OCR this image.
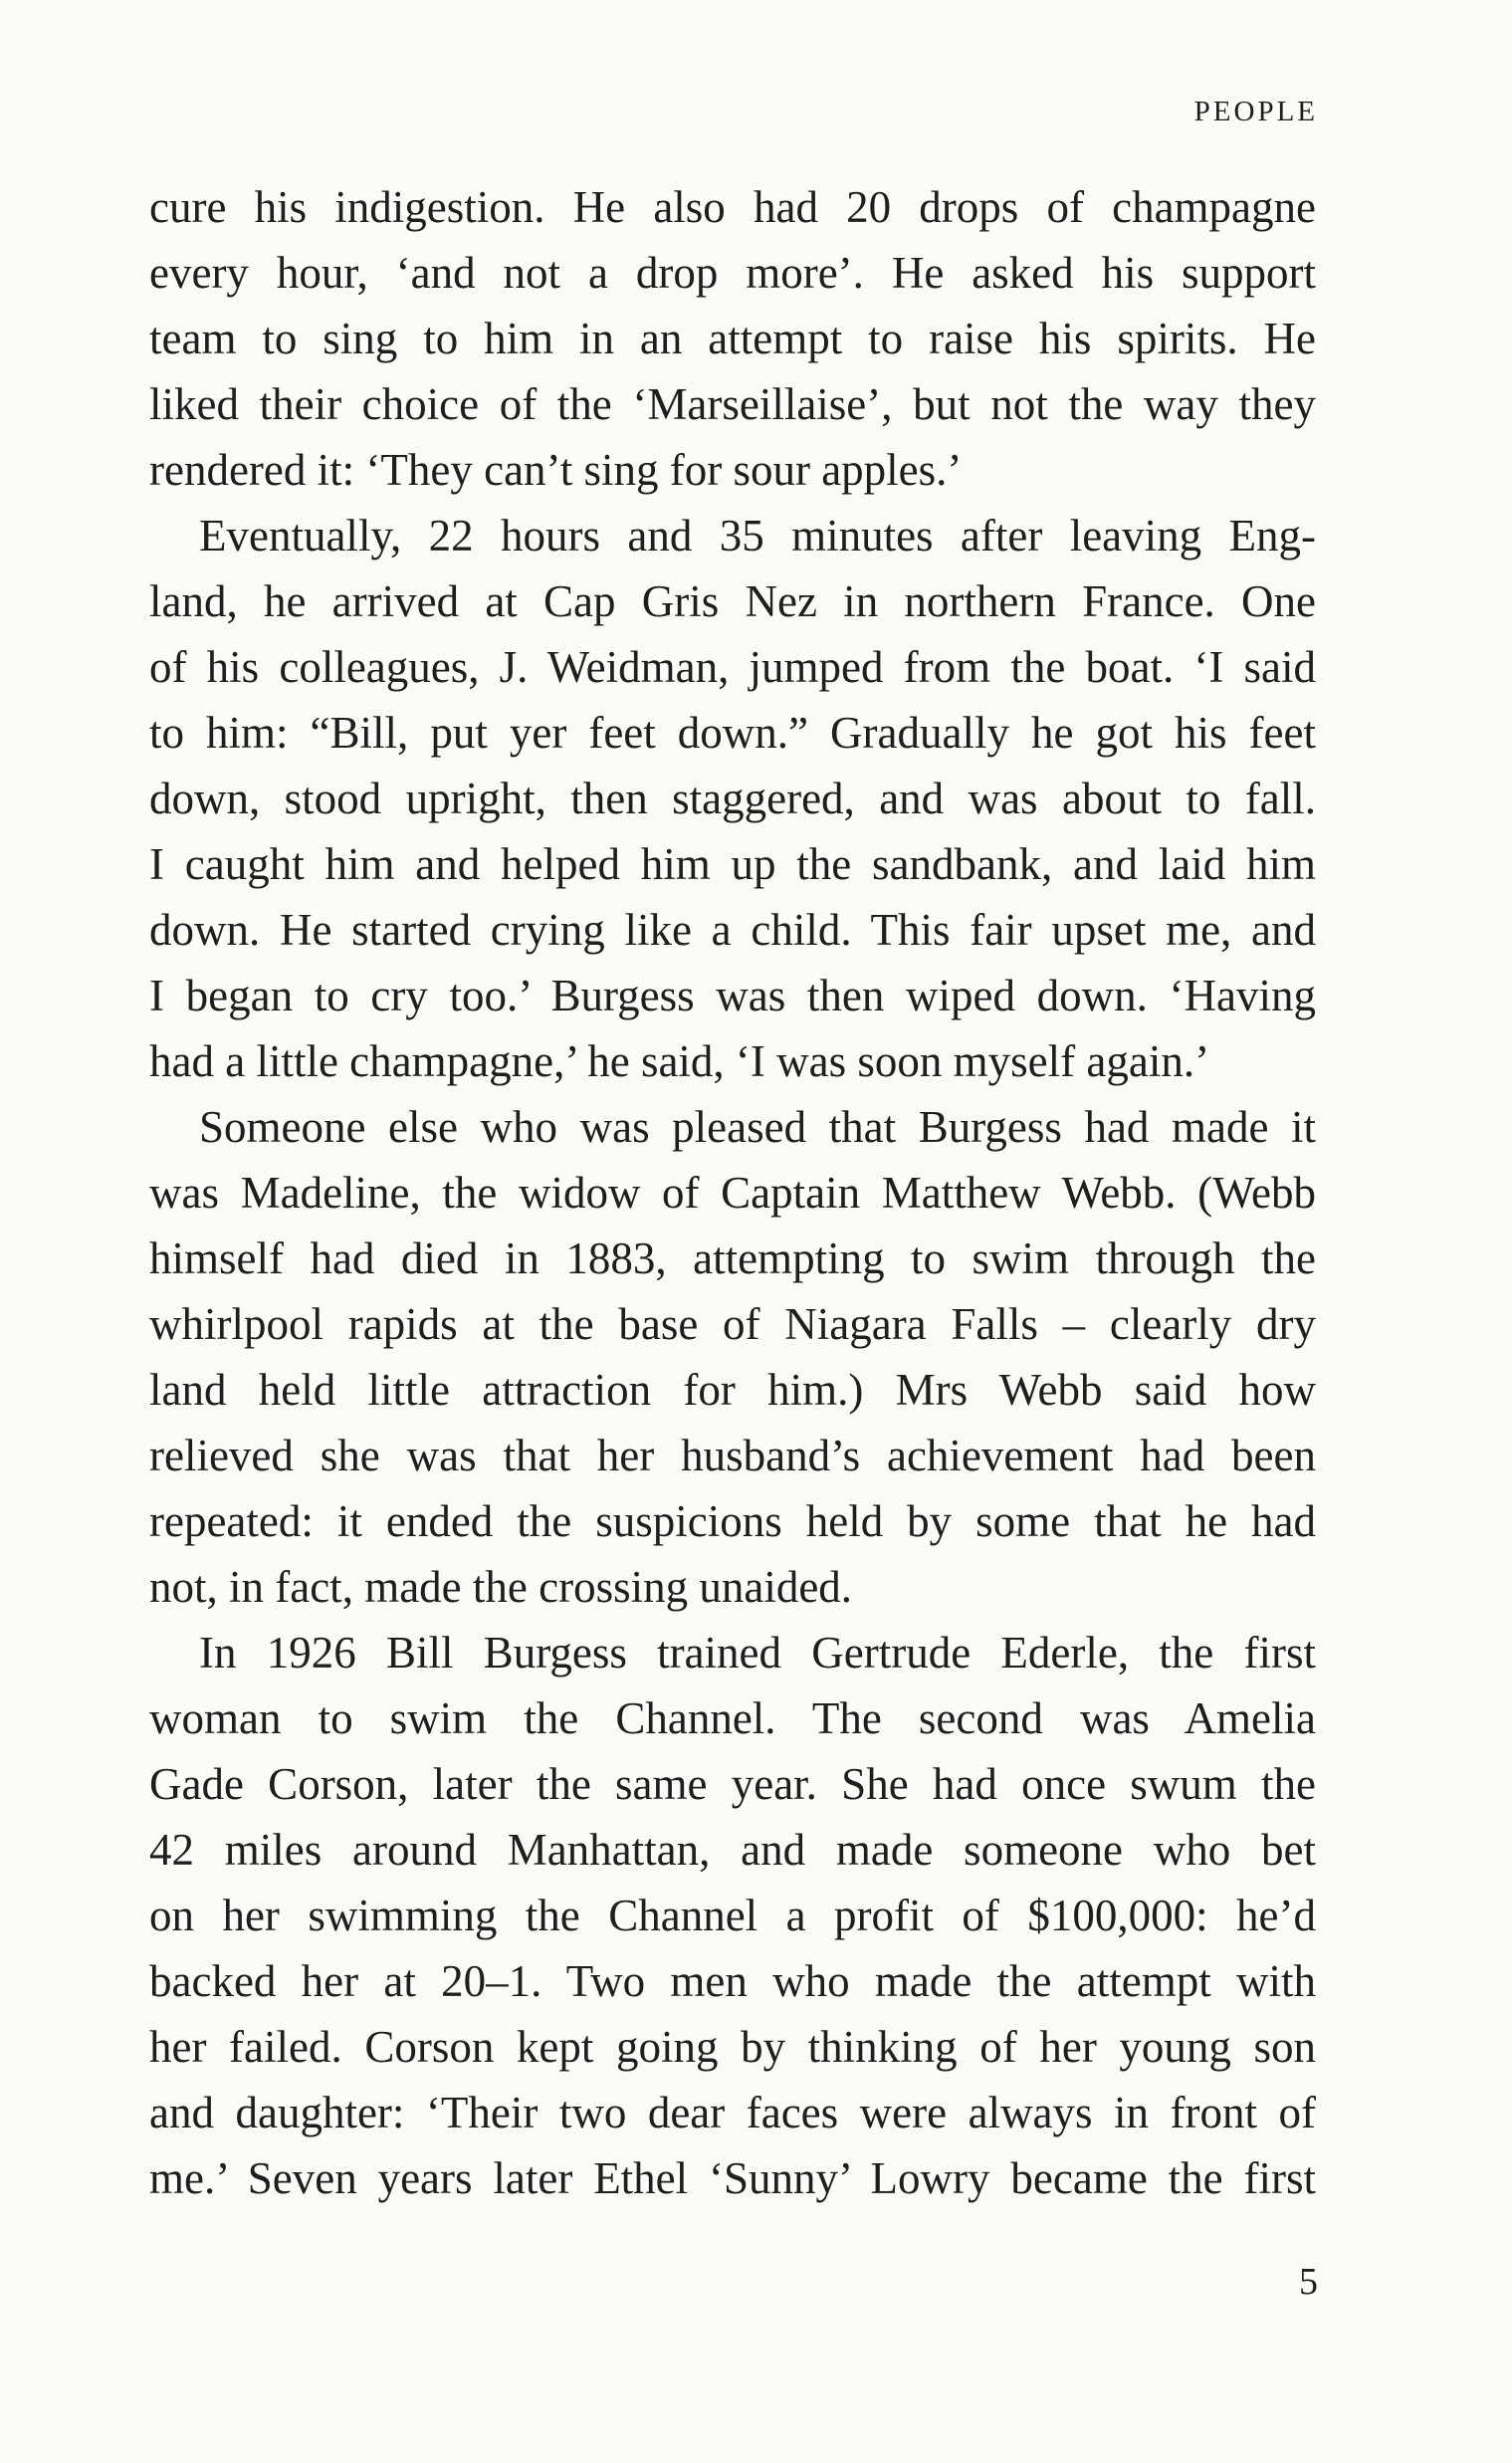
PEOPLE
cure his indigestion. He also had 20 drops of champagne
every hour, ‘and not a drop more’. He asked his support
team to sing to him in an attempt to raise his spirits. He
liked their choice of the ‘Marseillaise’, but not the way they
rendered it: ‘They can’t sing for sour apples.’
Eventually, 22 hours and 35 minutes after leaving Eng-
land, he arrived at Cap Gris Nez in northern France. One
of his colleagues, J. Weidman, jumped from the boat. ‘I said
to him: “Bill, put yer feet down.” Gradually he got his feet
down, stood upright, then staggered, and was about to fall.
I caught him and helped him up the sandbank, and laid him
down. He started crying like a child. This fair upset me, and
I began to cry too.’ Burgess was then wiped down. ‘Having
had a little champagne,’ he said, ‘I was soon myself again.’
Someone else who was pleased that Burgess had made it
was Madeline, the widow of Captain Matthew Webb. (Webb
himself had died in 1883, attempting to swim through the
whirlpool rapids at the base of Niagara Falls – clearly dry
land held little attraction for him.) Mrs Webb said how
relieved she was that her husband’s achievement had been
repeated: it ended the suspicions held by some that he had
not, in fact, made the crossing unaided.
In 1926 Bill Burgess trained Gertrude Ederle, the first
woman to swim the Channel. The second was Amelia
Gade Corson, later the same year. She had once swum the
42 miles around Manhattan, and made someone who bet
on her swimming the Channel a profit of $100,000: he’d
backed her at 20–1. Two men who made the attempt with
her failed. Corson kept going by thinking of her young son
and daughter: ‘Their two dear faces were always in front of
me.’ Seven years later Ethel ‘Sunny’ Lowry became the first
5
